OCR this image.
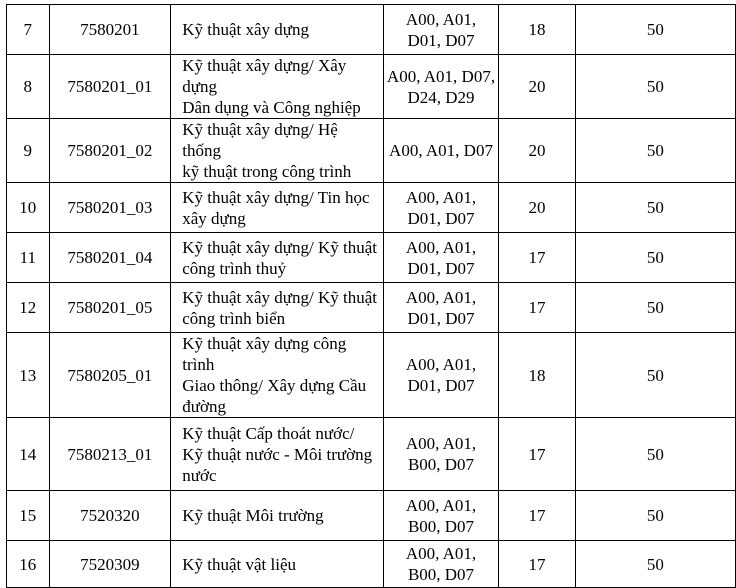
7	7580201	Kỹ thuật xây dựng	A00, A01,
D01, D07	18	50
8	7580201_01	Kỹ thuật xây dựng/ Xây dựng
Dân dụng và Công nghiệp	A00, A01, D07,
D24, D29	20	50
9	7580201_02	Kỹ thuật xây dựng/ Hệ thống
kỹ thuật trong công trình	A00, A01, D07	20	50
10	7580201_03	Kỹ thuật xây dựng/ Tin học
xây dựng	A00, A01,
D01, D07	20	50
11	7580201_04	Kỹ thuật xây dựng/ Kỹ thuật
công trình thuỷ	A00, A01,
D01, D07	17	50
12	7580201_05	Kỹ thuật xây dựng/ Kỹ thuật
công trình biển	A00, A01,
D01, D07	17	50
13	7580205_01	Kỹ thuật xây dựng công trình
Giao thông/ Xây dựng Cầu
đường	A00, A01,
D01, D07	18	50
14	7580213_01	Kỹ thuật Cấp thoát nước/
Kỹ thuật nước - Môi trường
nước	A00, A01,
B00, D07	17	50
15	7520320	Kỹ thuật Môi trường	A00, A01,
B00, D07	17	50
16	7520309	Kỹ thuật vật liệu	A00, A01,
B00, D07	17	50
